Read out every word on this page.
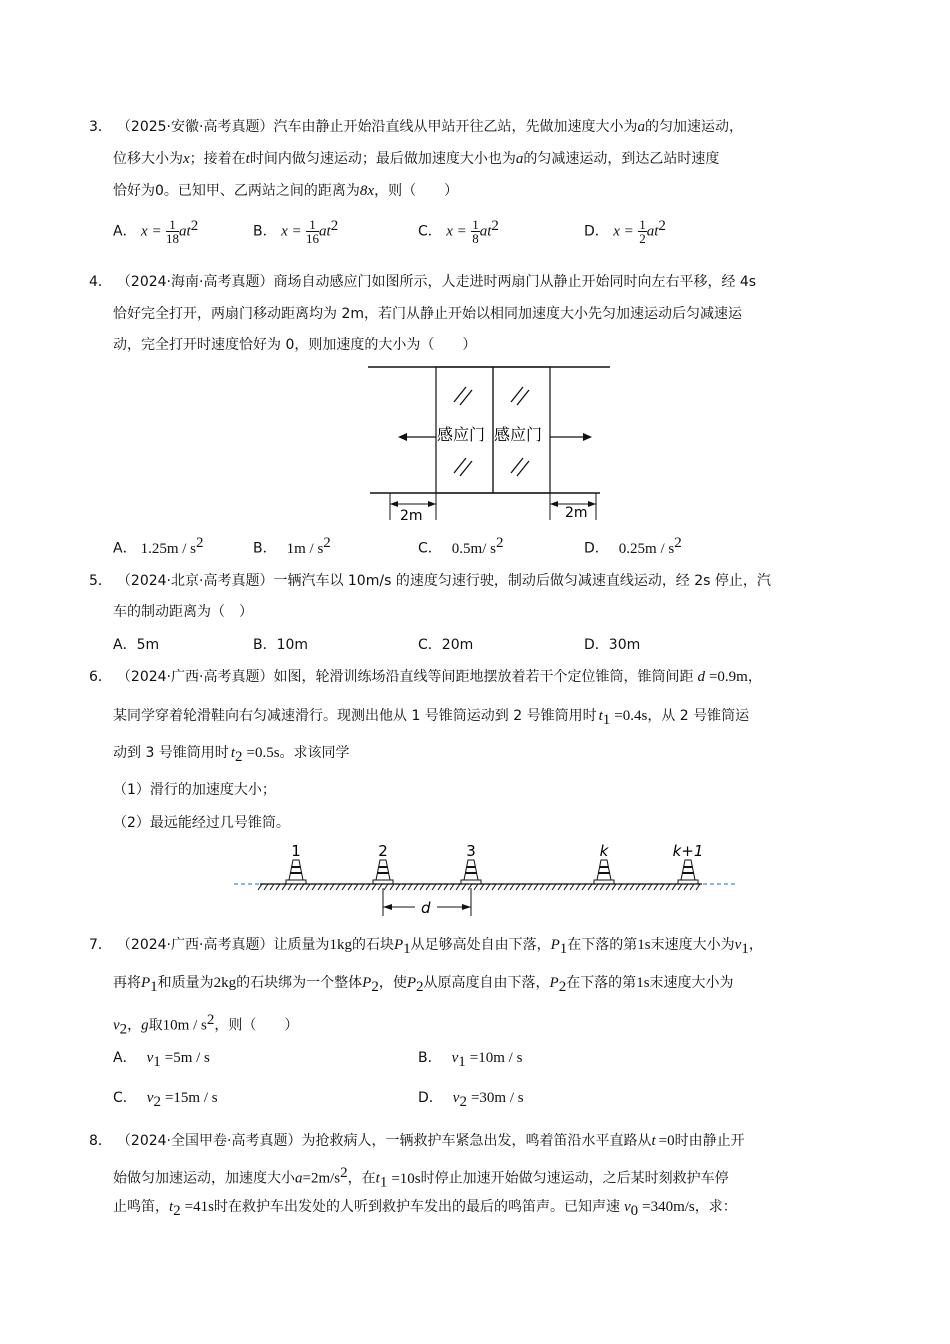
3． （2025·安徽·高考真题）汽车由静止开始沿直线从甲站开往乙站，先做加速度大小为a的匀加速运动，
位移大小为x；接着在t时间内做匀速运动；最后做加速度大小也为a的匀减速运动，到达乙站时速度
恰好为0。已知甲、乙两站之间的距离为8x，则（　　）
A． $x = \frac{1}{18} at^2$	B． $x = \frac{1}{16} at^2$	C． $x = \frac{1}{8} at^2$	D． $x = \frac{1}{2} at^2$
4． （2024·海南·高考真题）商场自动感应门如图所示，人走进时两扇门从静止开始同时向左右平移，经 4s
恰好完全打开，两扇门移动距离均为 2m，若门从静止开始以相同加速度大小先匀加速运动后匀减速运
动，完全打开时速度恰好为 0，则加速度的大小为（　　）
感应门 感应门
2m	2m
A． $1.25m / s^2$	B． $1m / s^2$	C． 0.5m/ $s^2$	D． $0.25m / s^2$
5． （2024·北京·高考真题）一辆汽车以 10m/s 的速度匀速行驶，制动后做匀减速直线运动，经 2s 停止，汽
车的制动距离为（　）
A．5m	B．10m	C．20m	D．30m
6． （2024·广西·高考真题）如图，轮滑训练场沿直线等间距地摆放着若干个定位锥筒，锥筒间距 d =0.9m，
某同学穿着轮滑鞋向右匀减速滑行。现测出他从 1 号锥筒运动到 2 号锥筒用时 $t_1 =0.4s$，从 2 号锥筒运
动到 3 号锥筒用时 $t_2 =0.5s$。求该同学
（1）滑行的加速度大小；
（2）最远能经过几号锥筒。
1	2	3	k	k+1
d
7． （2024·广西·高考真题）让质量为1kg的石块$P_1$从足够高处自由下落，$P_1$在下落的第1s末速度大小为$v_1$，
再将$P_1$和质量为2kg的石块绑为一个整体$P_2$，使$P_2$从原高度自由下落，$P_2$在下落的第1s末速度大小为
$v_2$，g取$10m / s^2$，则（　　）
A． $v_1 =5m / s$	B． $v_1 =10m / s$
C． $v_2 =15m / s$	D． $v_2 =30m / s$
8． （2024·全国甲卷·高考真题）为抢救病人，一辆救护车紧急出发，鸣着笛沿水平直路从t =0时由静止开
始做匀加速运动，加速度大小$a=2m/s^2$，在$t_1 =10s$时停止加速开始做匀速运动，之后某时刻救护车停
止鸣笛，$t_2 =41s$时在救护车出发处的人听到救护车发出的最后的鸣笛声。已知声速 $v_0 =340m/s$，求：
